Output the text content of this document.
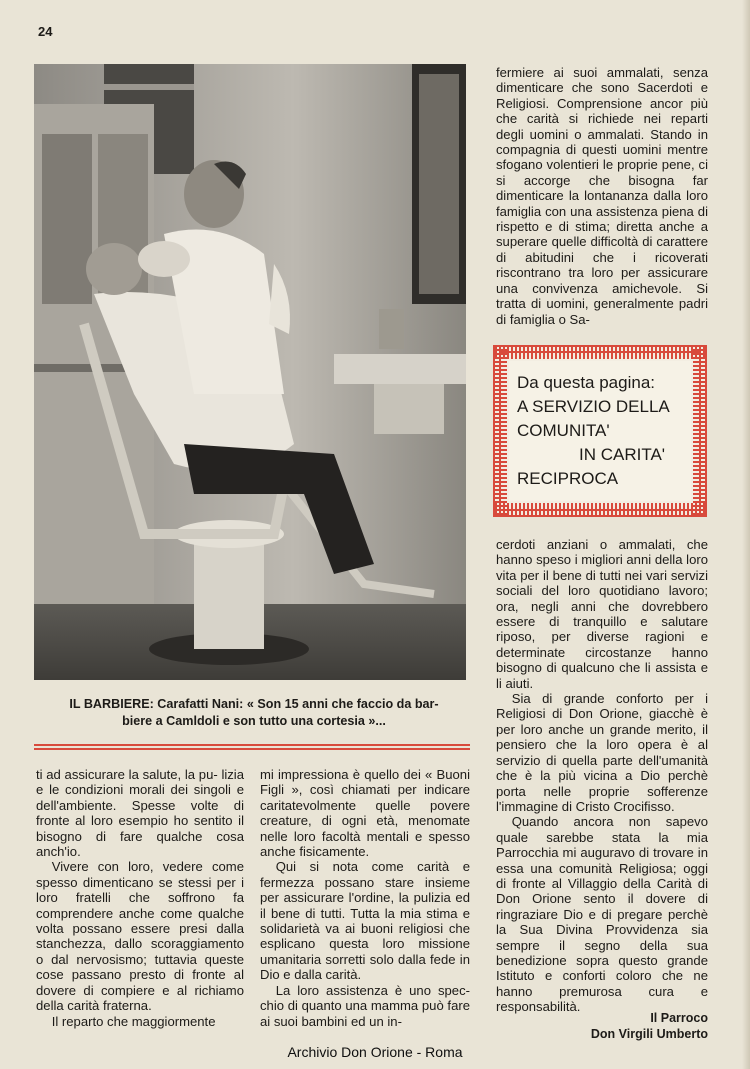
24
IL BARBIERE: Carafatti Nani: « Son 15 anni che faccio da bar-
biere a Camldoli e son tutto una cortesia »...

fermiere ai suoi ammalati, senza dimenticare che sono Sacerdoti e Religiosi. Comprensione ancor più che carità si richiede nei reparti degli uomini o ammalati. Stando in compagnia di questi uomini mentre sfogano volentieri le proprie pene, ci si accorge che bisogna far dimenticare la lontananza dalla loro famiglia con una assistenza piena di rispetto e di stima; diretta anche a superare quelle difficoltà di carattere di abitudini che i ricoverati riscontrano tra loro per assicurare una convivenza amichevole. Si tratta di uomini, generalmente padri di famiglia o Sa-

Da questa pagina:
A SERVIZIO DELLA
COMUNITA'
IN CARITA'
RECIPROCA

cerdoti anziani o ammalati, che hanno speso i migliori anni della loro vita per il bene di tutti nei vari servizi sociali del loro quotidiano lavoro; ora, negli anni che dovrebbero essere di tranquillo e salutare riposo, per diverse ragioni e determinate circostanze hanno bisogno di qualcuno che li assista e li aiuti.

Sia di grande conforto per i Religiosi di Don Orione, giacchè è per loro anche un grande merito, il pensiero che la loro opera è al servizio di quella parte dell'umanità che è la più vicina a Dio perchè porta nelle proprie sofferenze l'immagine di Cristo Crocifisso.

Quando ancora non sapevo quale sarebbe stata la mia Parrocchia mi auguravo di trovare in essa una comunità Religiosa; oggi di fronte al Villaggio della Carità di Don Orione sento il dovere di ringraziare Dio e di pregare perchè la Sua Divina Provvidenza sia sempre il segno della sua benedizione sopra questo grande Istituto e conforti coloro che ne hanno premurosa cura e responsabilità.

ti ad assicurare la salute, la pu- lizia e le condizioni morali dei singoli e dell'ambiente. Spesse volte di fronte al loro esempio ho sentito il bisogno di fare qualche cosa anch'io.

Vivere con loro, vedere come spesso dimenticano se stessi per i loro fratelli che soffrono fa comprendere anche come qualche volta possano essere presi dalla stanchezza, dallo scoraggiamento o dal nervosismo; tuttavia queste cose passano presto di fronte al dovere di compiere e al richiamo della carità fraterna.

Il reparto che maggiormente

mi impressiona è quello dei « Buoni Figli », così chiamati per indicare caritatevolmente quelle povere creature, di ogni età, menomate nelle loro facoltà mentali e spesso anche fisicamente.

Qui si nota come carità e fermezza possano stare insieme per assicurare l'ordine, la pulizia ed il bene di tutti. Tutta la mia stima e solidarietà va ai buoni religiosi che esplicano questa loro missione umanitaria sorretti solo dalla fede in Dio e dalla carità.

La loro assistenza è uno spec- chio di quanto una mamma può fare ai suoi bambini ed un in-	Il Parroco
Don Virgili Umberto
Archivio Don Orione - Roma
